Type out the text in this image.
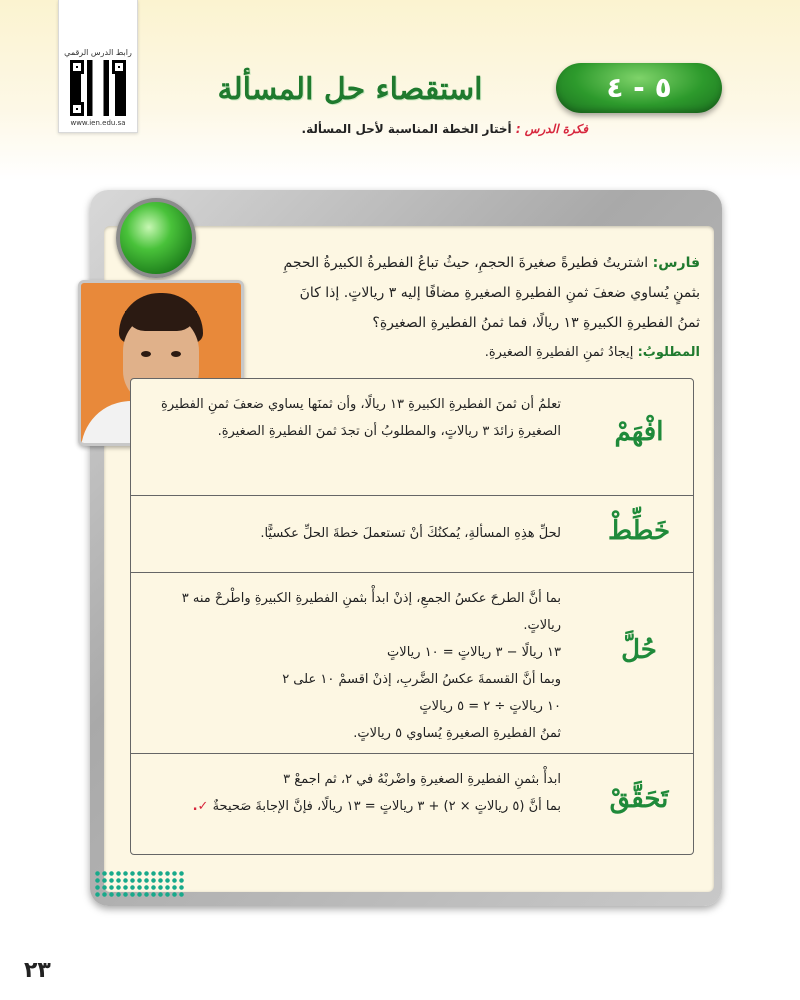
رابط الدرس الرقمي
www.ien.edu.sa
استقصاء حل المسألة	٥ - ٤
فكرة الدرس : أختار الخطة المناسبة لأحل المسألة.
فارس: اشتريتُ فطيرةً صغيرةَ الحجمِ، حيثُ تباعُ الفطيرةُ الكبيرةُ الحجمِ بثمنٍ يُساوي ضعفَ ثمنِ الفطيرةِ الصغيرةِ مضافًا إليه ٣ ريالاتٍ. إذا كانَ ثمنُ الفطيرةِ الكبيرةِ ١٣ ريالًا، فما ثمنُ الفطيرةِ الصغيرةِ؟
المطلوبُ: إيجادُ ثمنِ الفطيرةِ الصغيرةِ.
افْهَمْ
تعلمُ أن ثمنَ الفطيرةِ الكبيرةِ ١٣ ريالًا، وأن ثمنَها يساوي ضعفَ ثمنِ الفطيرةِ الصغيرةِ زائدَ ٣ ريالاتٍ، والمطلوبُ أن تجدَ ثمنَ الفطيرةِ الصغيرةِ.
خَطِّطْ
لحلِّ هذِهِ المسألةِ، يُمكنُكَ أنْ تستعملَ خطةَ الحلِّ عكسيًّا.
حُلَّ
بما أنَّ الطرحَ عكسُ الجمعِ، إذنْ ابدأْ بثمنِ الفطيرةِ الكبيرةِ واطْرحْ منه ٣ ريالاتٍ.
١٣ ريالًا − ٣ ريالاتٍ = ١٠ ريالاتٍ
وبما أنَّ القسمةَ عكسُ الضَّربِ، إذنْ اقسمْ ١٠ على ٢
١٠ ريالاتٍ ÷ ٢ = ٥ ريالاتٍ
ثمنُ الفطيرةِ الصغيرةِ يُساوي ٥ ريالاتٍ.
تَحَقَّقْ
ابدأْ بثمنِ الفطيرةِ الصغيرةِ واضْربْهُ في ٢، ثم اجمعْ ٣
بما أنَّ (٥ ريالاتٍ × ٢) + ٣ ريالاتٍ = ١٣ ريالًا، فإنَّ الإجابةَ صَحيحةٌ ✓.
٢٣
